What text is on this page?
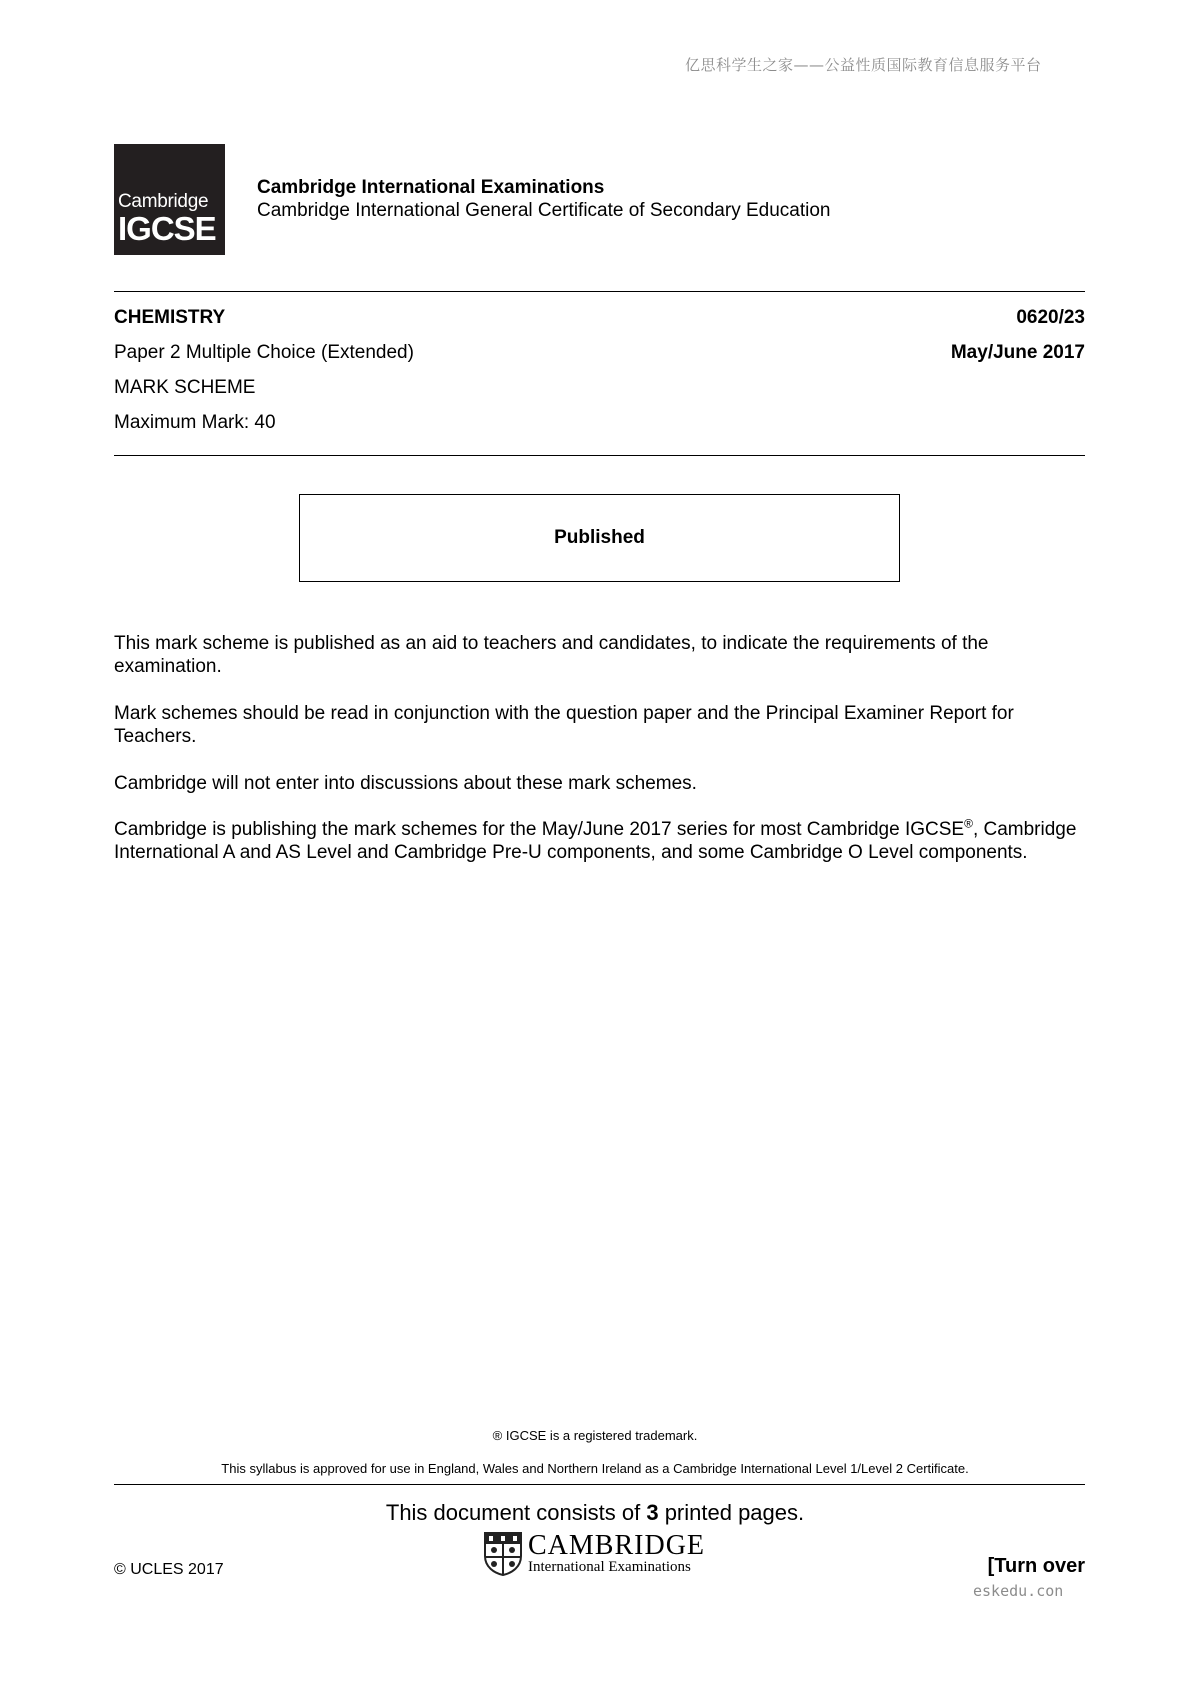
亿思科学生之家——公益性质国际教育信息服务平台
Cambridge
IGCSE
Cambridge International Examinations
Cambridge International General Certificate of Secondary Education
CHEMISTRY	0620/23
Paper 2 Multiple Choice (Extended)	May/June 2017
MARK SCHEME
Maximum Mark: 40
Published
This mark scheme is published as an aid to teachers and candidates, to indicate the requirements of the examination.
Mark schemes should be read in conjunction with the question paper and the Principal Examiner Report for Teachers.
Cambridge will not enter into discussions about these mark schemes.
Cambridge is publishing the mark schemes for the May/June 2017 series for most Cambridge IGCSE®, Cambridge International A and AS Level and Cambridge Pre-U components, and some Cambridge O Level components.
® IGCSE is a registered trademark.
This syllabus is approved for use in England, Wales and Northern Ireland as a Cambridge International Level 1/Level 2 Certificate.
This document consists of 3 printed pages.
© UCLES 2017
CAMBRIDGE
International Examinations	[Turn over
eskedu.con
